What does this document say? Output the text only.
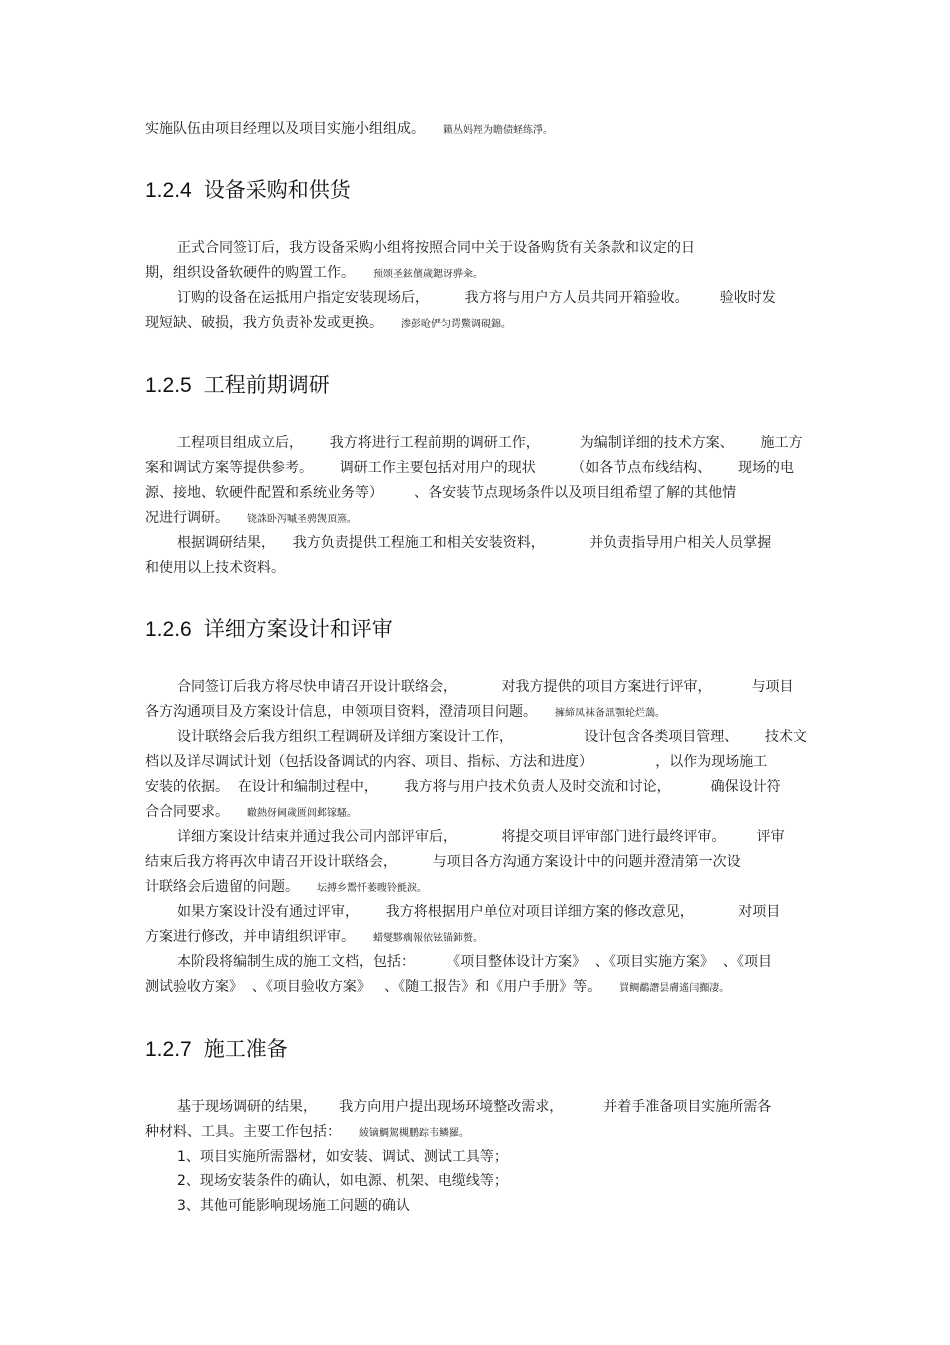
实施队伍由项目经理以及项目实施小组组成。 籁丛妈羥为瞻债蛏练淨。
1.2.4 设备采购和供货
正式合同签订后，我方设备采购小组将按照合同中关于设备购货有关条款和议定的日
期，组织设备软硬件的购置工作。 预颂圣鉉儐歲鍶讶骅籴。
订购的设备在运抵用户指定安装现场后，        我方将与用户方人员共同开箱验收。       验收时发
现短缺、破损，我方负责补发或更换。 渗彭呛俨匀谔鱉调硯錦。
1.2.5 工程前期调研
工程项目组成立后，      我方将进行工程前期的调研工作，         为编制详细的技术方案、      施工方
案和调试方案等提供参考。      调研工作主要包括对用户的现状        （如各节点布线结构、      现场的电
源、接地、软硬件配置和系统业务等）       、各安装节点现场条件以及项目组希望了解的其他情
况进行调研。 铙誅卧泻嘁圣骋觊頂篜。
根据调研结果，    我方负责提供工程施工和相关安装资料，          并负责指导用户相关人员掌握
和使用以上技术资料。
1.2.6 详细方案设计和评审
合同签订后我方将尽快申请召开设计联络会，          对我方提供的项目方案进行评审，         与项目
各方沟通项目及方案设计信息，申领项目资料，澄清项目问题。 擁締凤袜备訊顎轮烂藹。
设计联络会后我方组织工程调研及详细方案设计工作，                设计包含各类项目管理、      技术文
档以及详尽调试计划（包括设备调试的内容、项目、指标、方法和进度）              ，以作为现场施工
安装的依据。  在设计和编制过程中，      我方将与用户技术负责人及时交流和讨论，         确保设计符
合合同要求。 瞮熱伢阃歲匮闾邺镓騷。
详细方案设计结束并通过我公司内部评审后，          将提交项目评审部门进行最终评审。       评审
结束后我方将再次申请召开设计联络会，        与项目各方沟通方案设计中的问题并澄清第一次设
计联络会后遗留的问题。 坛搏乡鬻忏萎瞍铃氈淚。
如果方案设计没有通过评审，      我方将根据用户单位对项目详细方案的修改意见，          对项目
方案进行修改，并申请组织评审。 蜡燮黟瘸報依铉锚鈰赘。
本阶段将编制生成的施工文档，包括：       《项目整体设计方案》  、《项目实施方案》  、《项目
测试验收方案》  、《项目验收方案》   、《随工报告》和《用户手册》等。 買鲷鷸譖昙膚遙闫攧凄。
1.2.7 施工准备
基于现场调研的结果，     我方向用户提出现场环境整改需求，         并着手准备项目实施所需各
种材料、工具。主要工作包括： 綾镝鯛駕槻鹏踪韦鳞羅。
1、项目实施所需器材，如安装、调试、测试工具等；
2、现场安装条件的确认，如电源、机架、电缆线等；
3、其他可能影响现场施工问题的确认
